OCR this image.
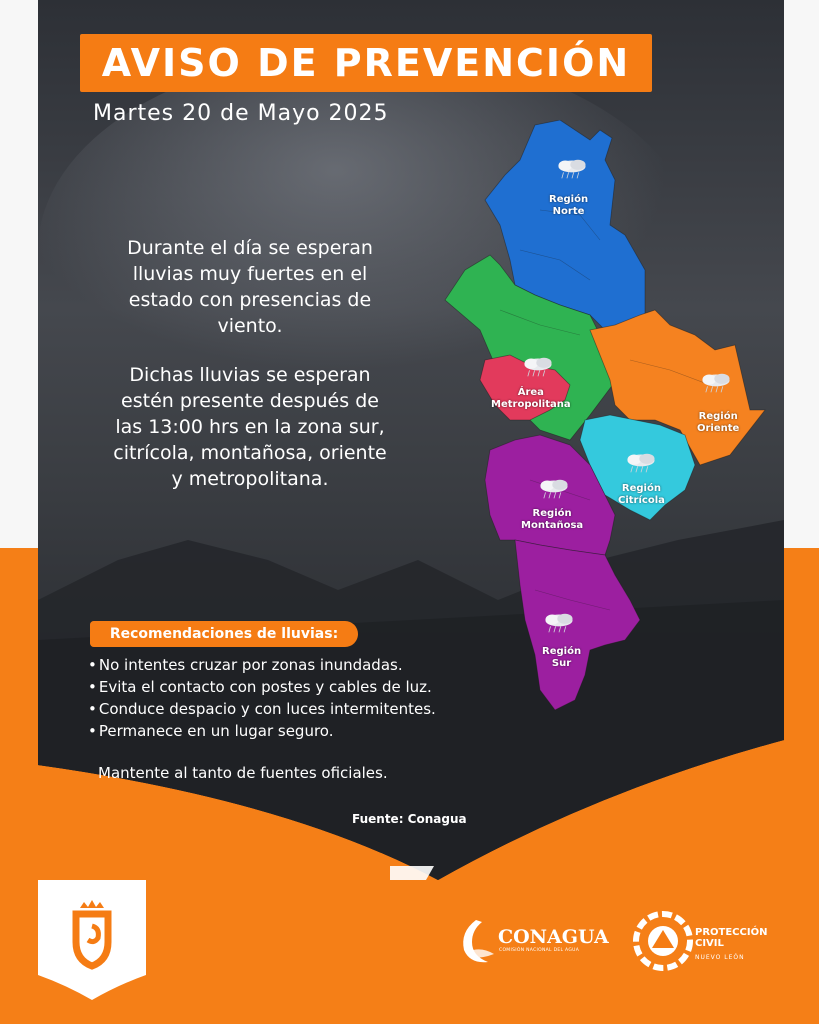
AVISO DE PREVENCIÓN
Martes 20 de Mayo 2025
Durante el día se esperan
lluvias muy fuertes en el
estado con presencias de
viento.
Dichas lluvias se esperan
estén presente después de
las 13:00 hrs en la zona sur,
citrícola, montañosa, oriente
y metropolitana.
Región
Norte
Área
Metropolitana
Región
Oriente
Región
Citrícola
Región
Montañosa
Región
Sur
Recomendaciones de lluvias:
• No intentes cruzar por zonas inundadas.
• Evita el contacto con postes y cables de luz.
• Conduce despacio y con luces intermitentes.
• Permanece en un lugar seguro.
Mantente al tanto de fuentes oficiales.
Fuente: Conagua
CONAGUA
COMISIÓN NACIONAL DEL AGUA
PROTECCIÓN
CIVIL
NUEVO LEÓN
